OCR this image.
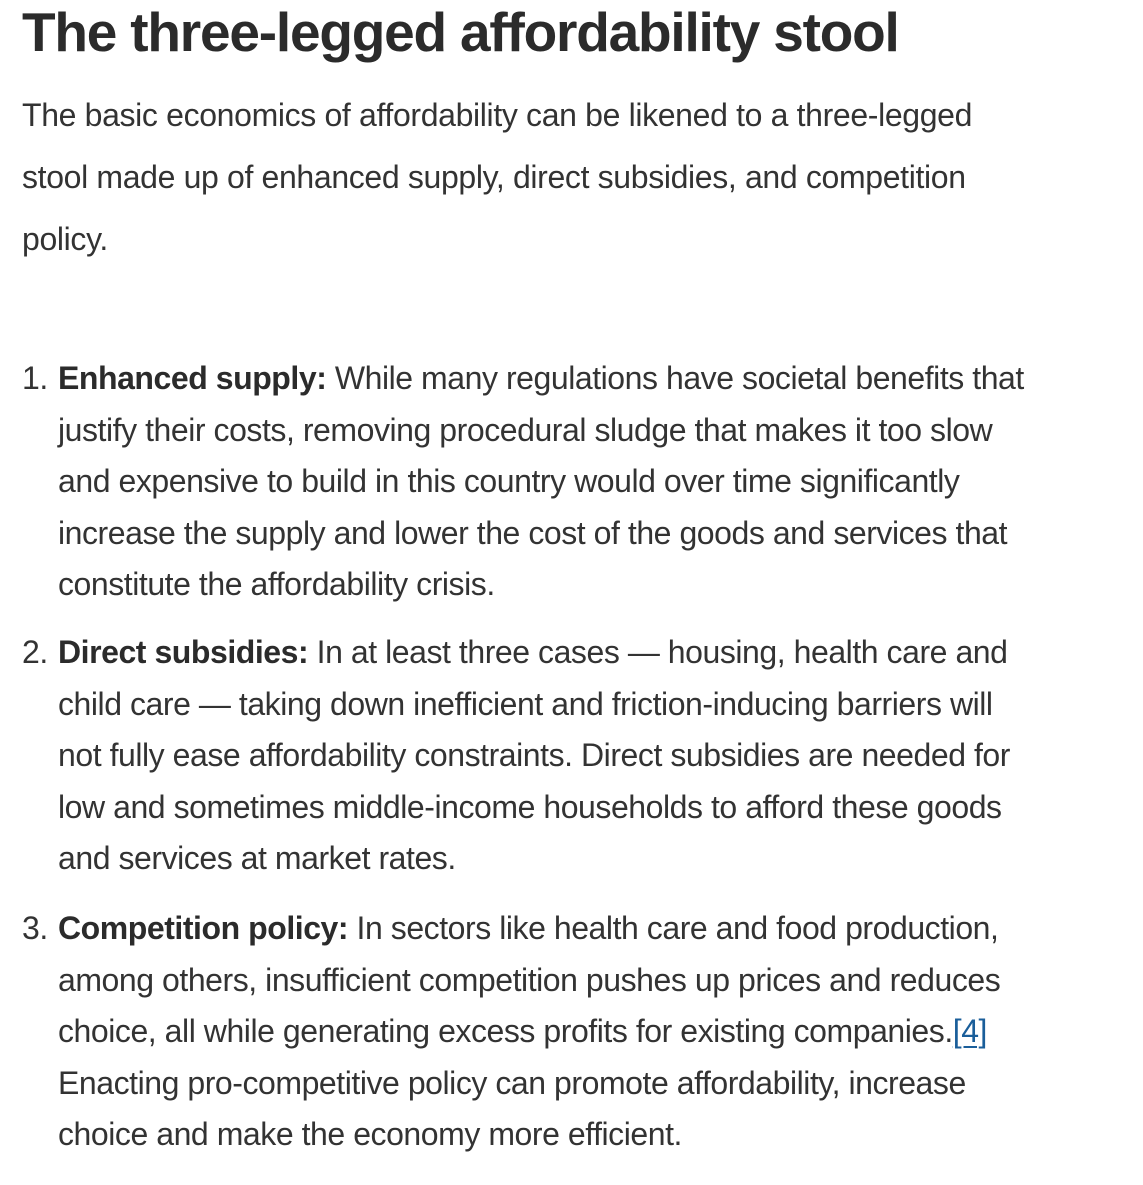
The three-legged affordability stool

The basic economics of affordability can be likened to a three-legged

stool made up of enhanced supply, direct subsidies, and competition

policy.

1. Enhanced supply: While many regulations have societal benefits that
justify their costs, removing procedural sludge that makes it too slow
and expensive to build in this country would over time significantly
increase the supply and lower the cost of the goods and services that
constitute the affordability crisis.
2. Direct subsidies: In at least three cases — housing, health care and
child care — taking down inefficient and friction-inducing barriers will
not fully ease affordability constraints. Direct subsidies are needed for
low and sometimes middle-income households to afford these goods
and services at market rates.
3. Competition policy: In sectors like health care and food production,
among others, insufficient competition pushes up prices and reduces
choice, all while generating excess profits for existing companies.[4]
Enacting pro-competitive policy can promote affordability, increase
choice and make the economy more efficient.
